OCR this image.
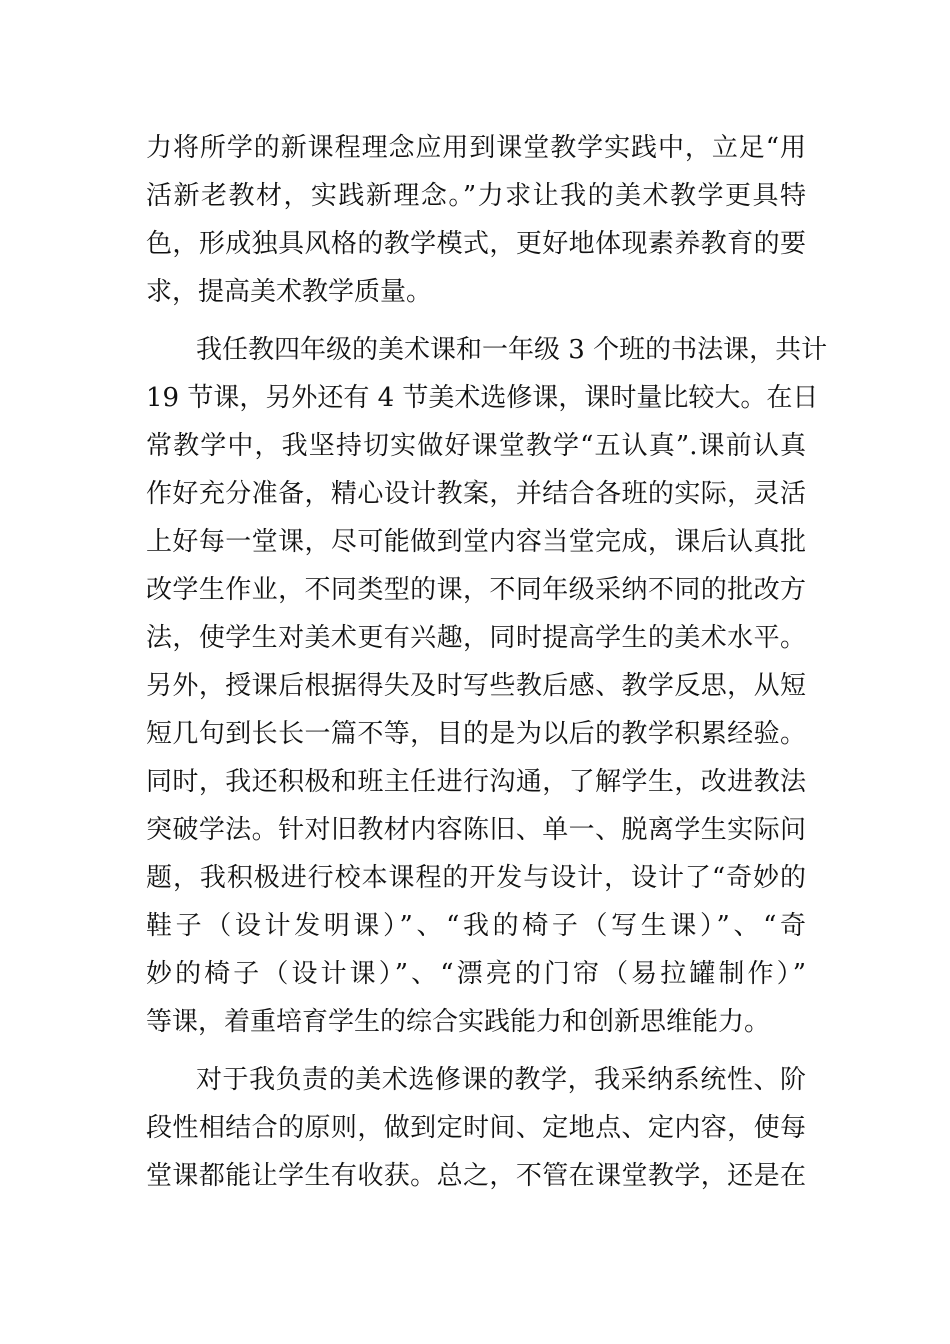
力将所学的新课程理念应用到课堂教学实践中，立足“用
活新老教材，实践新理念。”力求让我的美术教学更具特
色，形成独具风格的教学模式，更好地体现素养教育的要
求，提高美术教学质量。
我任教四年级的美术课和一年级 3 个班的书法课，共计
19 节课，另外还有 4 节美术选修课，课时量比较大。在日
常教学中，我坚持切实做好课堂教学“五认真”.课前认真
作好充分准备，精心设计教案，并结合各班的实际，灵活
上好每一堂课，尽可能做到堂内容当堂完成，课后认真批
改学生作业，不同类型的课，不同年级采纳不同的批改方
法，使学生对美术更有兴趣，同时提高学生的美术水平。
另外，授课后根据得失及时写些教后感、教学反思，从短
短几句到长长一篇不等，目的是为以后的教学积累经验。
同时，我还积极和班主任进行沟通，了解学生，改进教法
突破学法。针对旧教材内容陈旧、单一、脱离学生实际问
题，我积极进行校本课程的开发与设计，设计了“奇妙的
鞋子（设计发明课）”、“我的椅子（写生课）”、“奇
妙的椅子（设计课）”、“漂亮的门帘（易拉罐制作）”
等课，着重培育学生的综合实践能力和创新思维能力。
对于我负责的美术选修课的教学，我采纳系统性、阶
段性相结合的原则，做到定时间、定地点、定内容，使每
堂课都能让学生有收获。总之，不管在课堂教学，还是在
